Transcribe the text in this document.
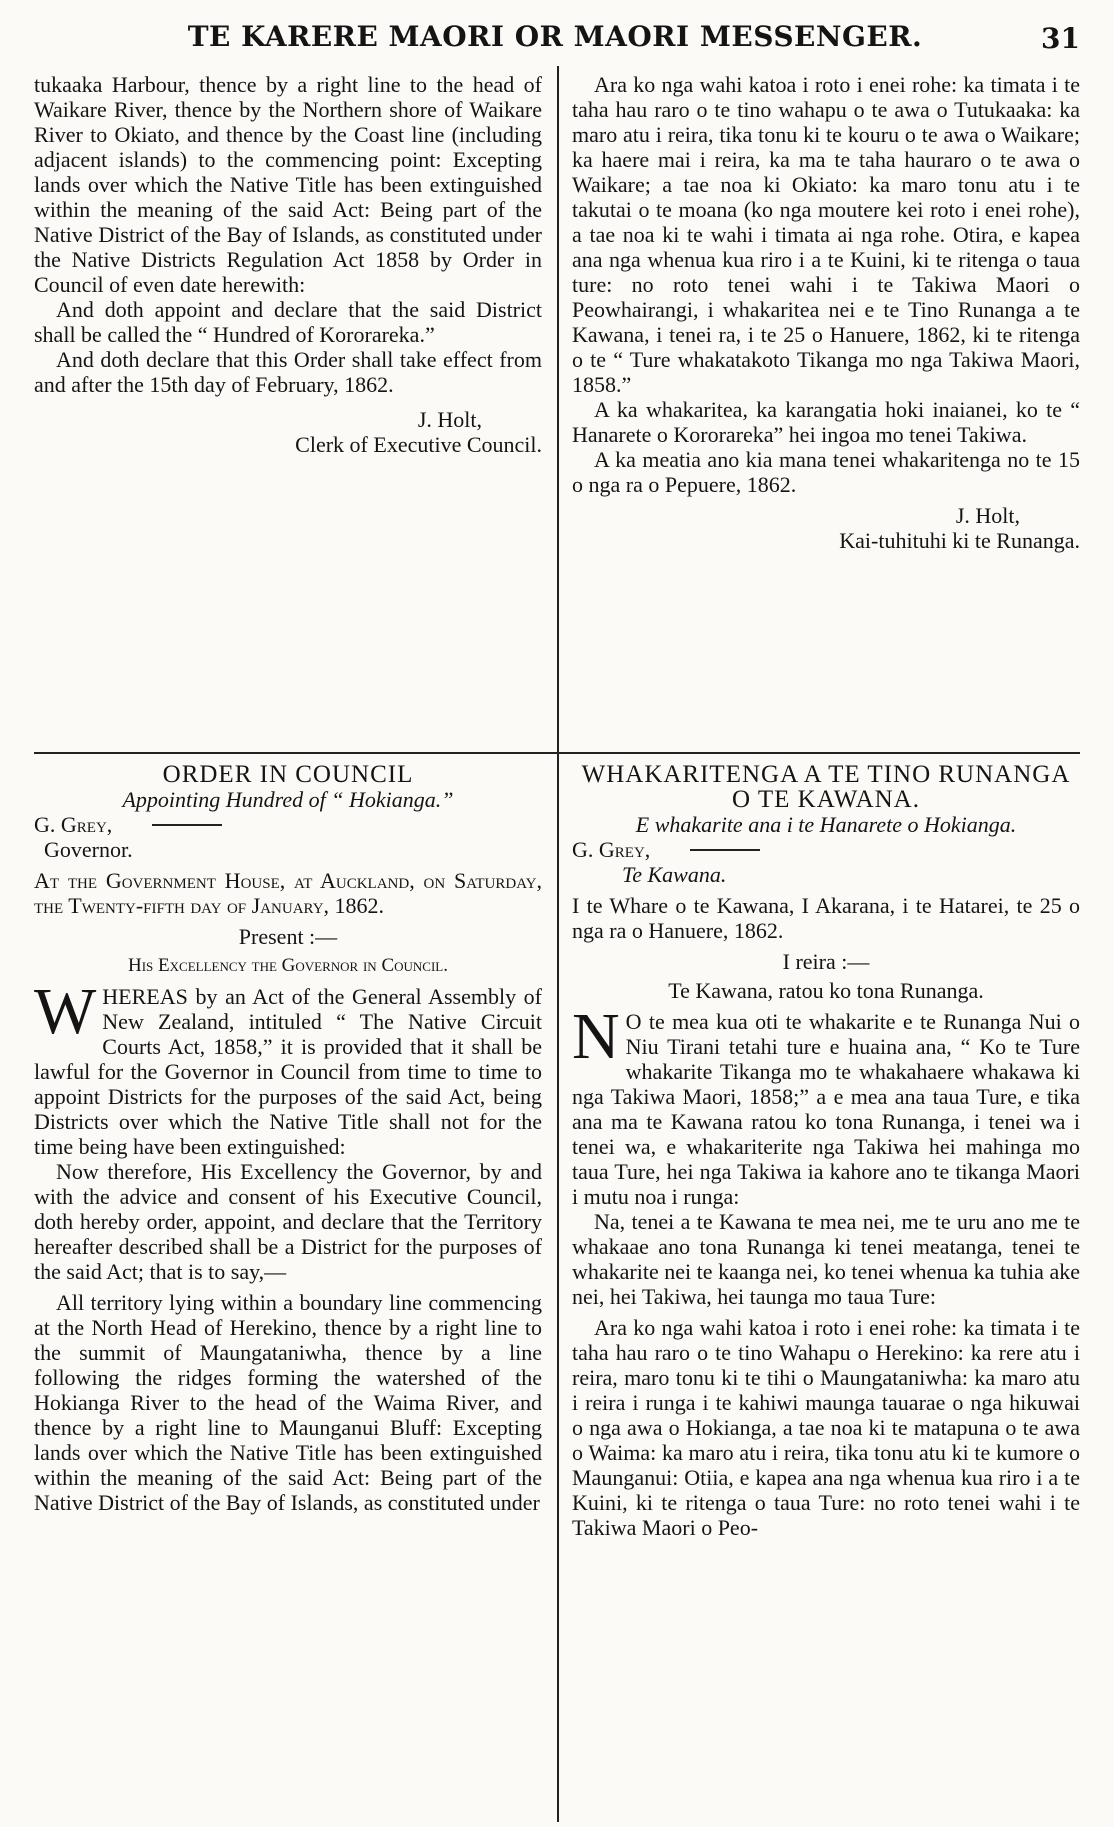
TE KARERE MAORI OR MAORI MESSENGER.	31

tukaaka Harbour, thence by a right line to the head of Waikare River, thence by the Northern shore of Waikare River to Okiato, and thence by the Coast line (including adjacent islands) to the commencing point: Excepting lands over which the Native Title has been extinguished within the meaning of the said Act: Being part of the Native District of the Bay of Islands, as constituted under the Native Districts Regulation Act 1858 by Order in Council of even date herewith:

And doth appoint and declare that the said District shall be called the “ Hundred of Kororareka.”

And doth declare that this Order shall take effect from and after the 15th day of February, 1862.

J. Holt,

Clerk of Executive Council.

Ara ko nga wahi katoa i roto i enei rohe: ka timata i te taha hau raro o te tino wahapu o te awa o Tutukaaka: ka maro atu i reira, tika tonu ki te kouru o te awa o Waikare; ka haere mai i reira, ka ma te taha hauraro o te awa o Waikare; a tae noa ki Okiato: ka maro tonu atu i te takutai o te moana (ko nga moutere kei roto i enei rohe), a tae noa ki te wahi i timata ai nga rohe. Otira, e kapea ana nga whenua kua riro i a te Kuini, ki te ritenga o taua ture: no roto tenei wahi i te Takiwa Maori o Peowhairangi, i whakaritea nei e te Tino Runanga a te Kawana, i tenei ra, i te 25 o Hanuere, 1862, ki te ritenga o te “ Ture whakatakoto Tikanga mo nga Takiwa Maori, 1858.”

A ka whakaritea, ka karangatia hoki inaianei, ko te “ Hanarete o Kororareka” hei ingoa mo tenei Takiwa.

A ka meatia ano kia mana tenei whakaritenga no te 15 o nga ra o Pepuere, 1862.

J. Holt,

Kai-tuhituhi ki te Runanga.

ORDER IN COUNCIL

Appointing Hundred of “ Hokianga.”

G. Grey,

Governor.

At the Government House, at Auckland, on Saturday, the Twenty-fifth day of January, 1862.

Present :—

His Excellency the Governor in Council.

WHEREAS by an Act of the General Assembly of New Zealand, intituled “ The Native Circuit Courts Act, 1858,” it is provided that it shall be lawful for the Governor in Council from time to time to appoint Districts for the purposes of the said Act, being Districts over which the Native Title shall not for the time being have been extinguished:

Now therefore, His Excellency the Governor, by and with the advice and consent of his Executive Council, doth hereby order, appoint, and declare that the Territory hereafter described shall be a District for the purposes of the said Act; that is to say,—

All territory lying within a boundary line commencing at the North Head of Herekino, thence by a right line to the summit of Maungataniwha, thence by a line following the ridges forming the watershed of the Hokianga River to the head of the Waima River, and thence by a right line to Maunganui Bluff: Excepting lands over which the Native Title has been extinguished within the meaning of the said Act: Being part of the Native District of the Bay of Islands, as constituted under

WHAKARITENGA A TE TINO RUNANGA O TE KAWANA.

E whakarite ana i te Hanarete o Hokianga.

G. Grey,

Te Kawana.

I te Whare o te Kawana, I Akarana, i te Hatarei, te 25 o nga ra o Hanuere, 1862.

I reira :—

Te Kawana, ratou ko tona Runanga.

N O te mea kua oti te whakarite e te Runanga Nui o Niu Tirani tetahi ture e huaina ana, “ Ko te Ture whakarite Tikanga mo te whakahaere whakawa ki nga Takiwa Maori, 1858;” a e mea ana taua Ture, e tika ana ma te Kawana ratou ko tona Runanga, i tenei wa i tenei wa, e whakariterite nga Takiwa hei mahinga mo taua Ture, hei nga Takiwa ia kahore ano te tikanga Maori i mutu noa i runga:

Na, tenei a te Kawana te mea nei, me te uru ano me te whakaae ano tona Runanga ki tenei meatanga, tenei te whakarite nei te kaanga nei, ko tenei whenua ka tuhia ake nei, hei Takiwa, hei taunga mo taua Ture:

Ara ko nga wahi katoa i roto i enei rohe: ka timata i te taha hau raro o te tino Wahapu o Herekino: ka rere atu i reira, maro tonu ki te tihi o Maungataniwha: ka maro atu i reira i runga i te kahiwi maunga tauarae o nga hikuwai o nga awa o Hokianga, a tae noa ki te matapuna o te awa o Waima: ka maro atu i reira, tika tonu atu ki te kumore o Maunganui: Otiia, e kapea ana nga whenua kua riro i a te Kuini, ki te ritenga o taua Ture: no roto tenei wahi i te Takiwa Maori o Peo-
